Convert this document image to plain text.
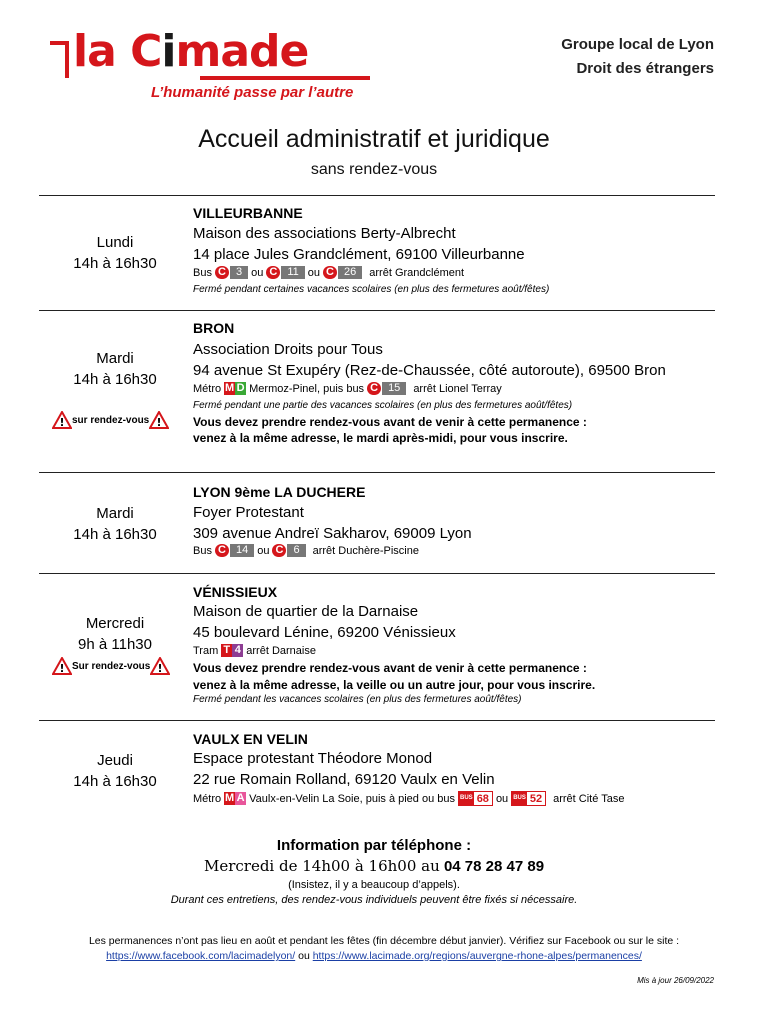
la Cimade
L’humanité passe par l’autre
Groupe local de Lyon
Droit des étrangers
Accueil administratif et juridique
sans rendez-vous
Lundi
14h à 16h30
VILLEURBANNE
Maison des associations Berty-Albrecht
14 place Jules Grandclément, 69100 Villeurbanne
Bus C 3 ou C 11 ou C 26	arrêt Grandclément
Fermé pendant certaines vacances scolaires (en plus des fermetures août/fêtes)
Mardi
14h à 16h30
! sur rendez-vous !
BRON
Association Droits pour Tous
94 avenue St Exupéry (Rez-de-Chaussée, côté autoroute), 69500 Bron
Métro M D Mermoz-Pinel, puis bus C 15	arrêt Lionel Terray
Fermé pendant une partie des vacances scolaires (en plus des fermetures août/fêtes)
Vous devez prendre rendez-vous avant de venir à cette permanence :
venez à la même adresse, le mardi après-midi, pour vous inscrire.
Mardi
14h à 16h30
LYON 9ème LA DUCHERE
Foyer Protestant
309 avenue Andreï Sakharov, 69009 Lyon
Bus C 14 ou C 6	arrêt Duchère-Piscine
Mercredi
9h à 11h30
! Sur rendez-vous !
VÉNISSIEUX
Maison de quartier de la Darnaise
45 boulevard Lénine, 69200 Vénissieux
Tram T 4 arrêt Darnaise
Vous devez prendre rendez-vous avant de venir à cette permanence :
venez à la même adresse, la veille ou un autre jour, pour vous inscrire.
Fermé pendant les vacances scolaires (en plus des fermetures août/fêtes)
Jeudi
14h à 16h30
VAULX EN VELIN
Espace protestant Théodore Monod
22 rue Romain Rolland, 69120 Vaulx en Velin
Métro M A Vaulx-en-Velin La Soie, puis à pied ou bus BUS 68 ou BUS 52 arrêt Cité Tase
Information par téléphone :
Mercredi de 14h00 à 16h00 au 04 78 28 47 89
(Insistez, il y a beaucoup d’appels).
Durant ces entretiens, des rendez-vous individuels peuvent être fixés si nécessaire.
Les permanences n’ont pas lieu en août et pendant les fêtes (fin décembre début janvier). Vérifiez sur Facebook ou sur le site :
https://www.facebook.com/lacimadelyon/ ou https://www.lacimade.org/regions/auvergne-rhone-alpes/permanences/
Mis à jour 26/09/2022
